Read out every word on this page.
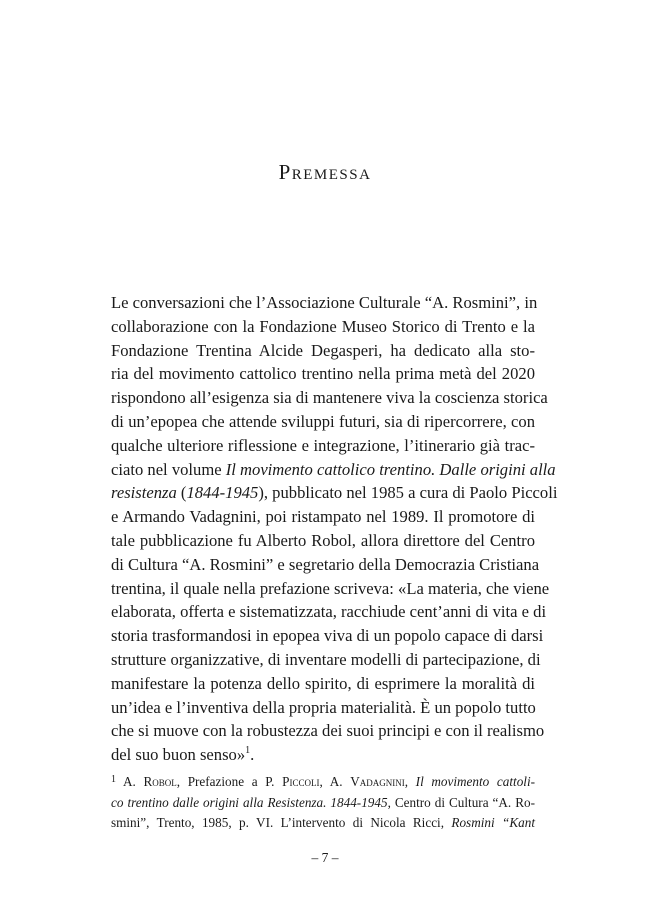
Premessa
Le conversazioni che l’Associazione Culturale “A. Rosmini”, in
collaborazione con la Fondazione Museo Storico di Trento e la
Fondazione Trentina Alcide Degasperi, ha dedicato alla sto-
ria del movimento cattolico trentino nella prima metà del 2020
rispondono all’esigenza sia di mantenere viva la coscienza storica
di un’epopea che attende sviluppi futuri, sia di ripercorrere, con
qualche ulteriore riflessione e integrazione, l’itinerario già trac-
ciato nel volume Il movimento cattolico trentino. Dalle origini alla
resistenza (1844-1945), pubblicato nel 1985 a cura di Paolo Piccoli
e Armando Vadagnini, poi ristampato nel 1989. Il promotore di
tale pubblicazione fu Alberto Robol, allora direttore del Centro
di Cultura “A. Rosmini” e segretario della Democrazia Cristiana
trentina, il quale nella prefazione scriveva: «La materia, che viene
elaborata, offerta e sistematizzata, racchiude cent’anni di vita e di
storia trasformandosi in epopea viva di un popolo capace di darsi
strutture organizzative, di inventare modelli di partecipazione, di
manifestare la potenza dello spirito, di esprimere la moralità di
un’idea e l’inventiva della propria materialità. È un popolo tutto
che si muove con la robustezza dei suoi principi e con il realismo
del suo buon senso»$^1$.
$^1$ A. Robol, Prefazione a P. Piccoli, A. Vadagnini, Il movimento cattoli-
co trentino dalle origini alla Resistenza. 1844-1945, Centro di Cultura “A. Ro-
smini”, Trento, 1985, p. VI. L’intervento di Nicola Ricci, Rosmini “Kant
– 7 –
